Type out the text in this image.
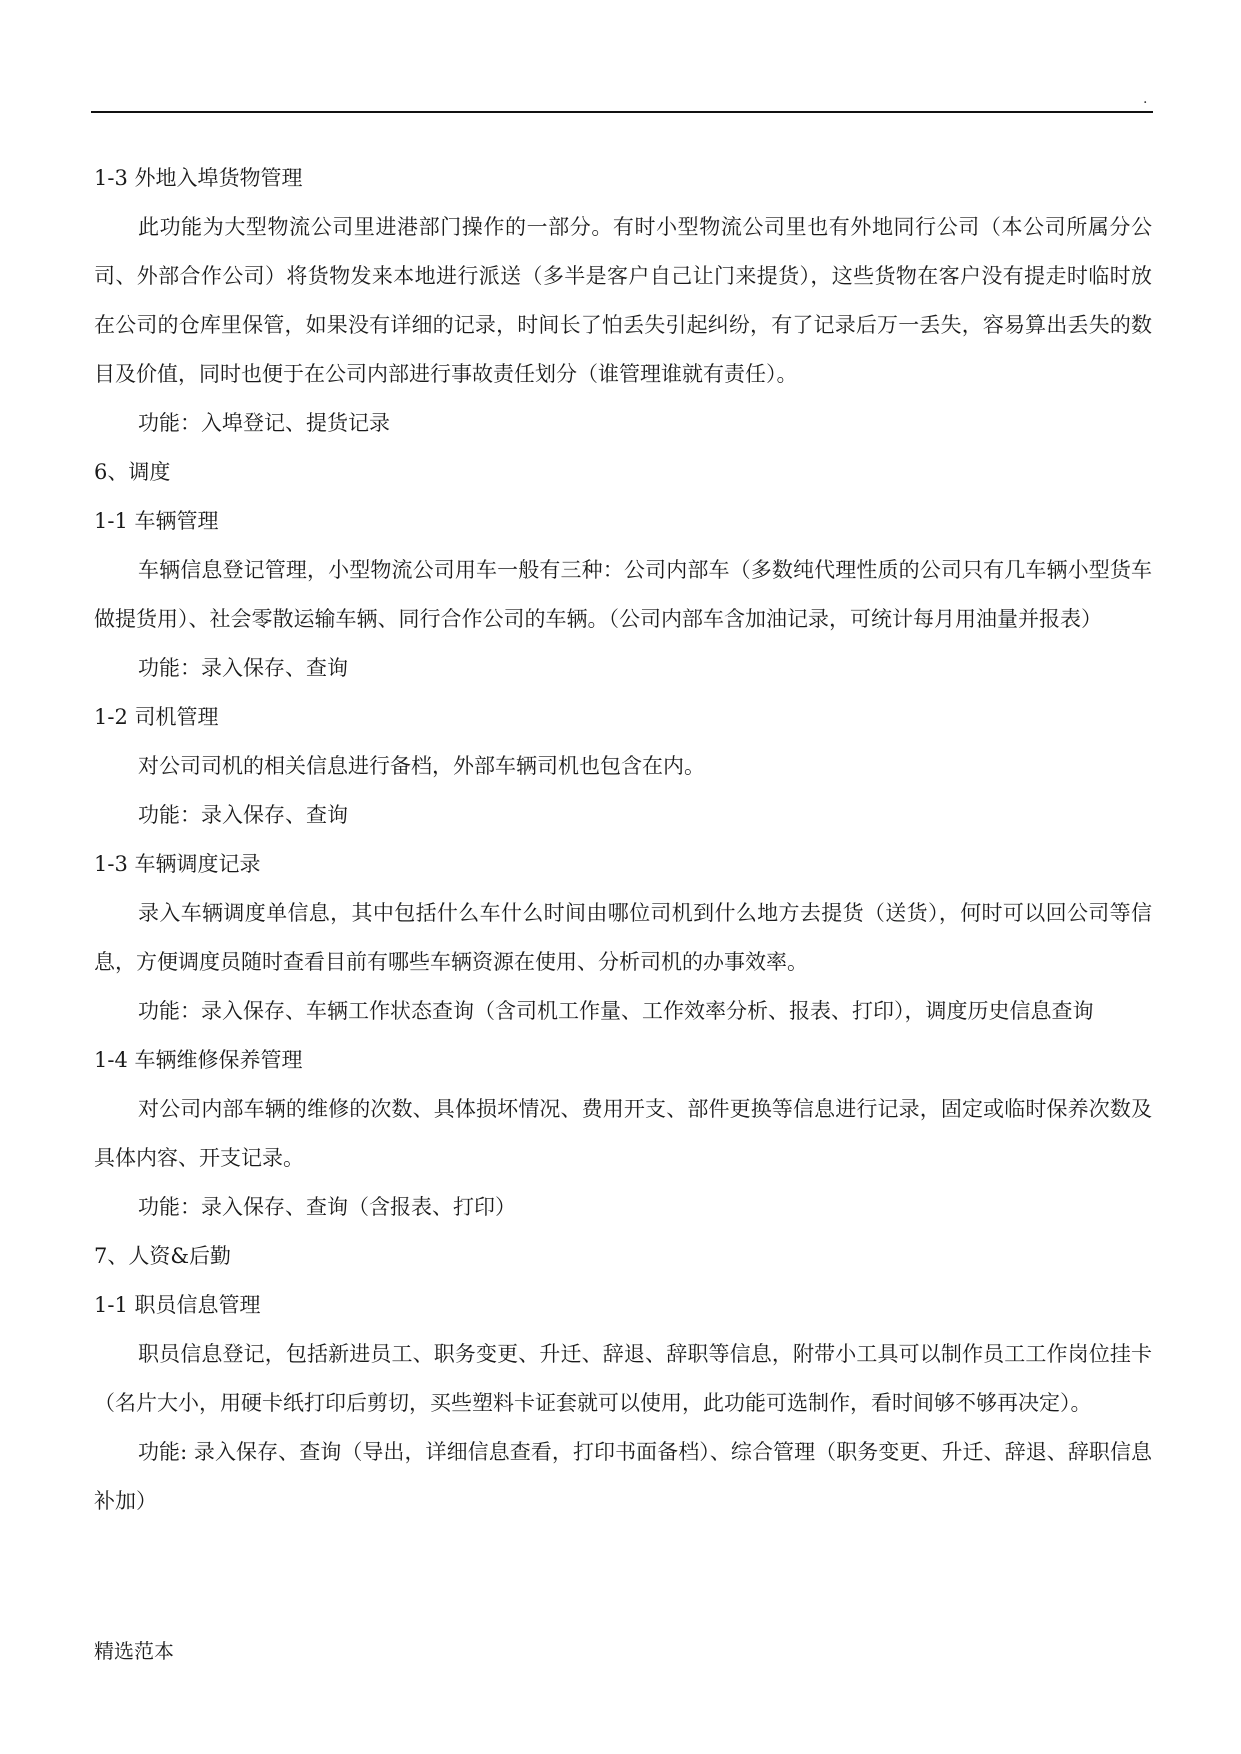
.

1-3 外地入埠货物管理

此功能为大型物流公司里进港部门操作的一部分。有时小型物流公司里也有外地同行公司（本公司所属分公司、外部合作公司）将货物发来本地进行派送（多半是客户自己让门来提货），这些货物在客户没有提走时临时放在公司的仓库里保管，如果没有详细的记录，时间长了怕丢失引起纠纷，有了记录后万一丢失，容易算出丢失的数目及价值，同时也便于在公司内部进行事故责任划分（谁管理谁就有责任）。

功能：入埠登记、提货记录

6、调度

1-1 车辆管理

车辆信息登记管理，小型物流公司用车一般有三种：公司内部车（多数纯代理性质的公司只有几车辆小型货车做提货用）、社会零散运输车辆、同行合作公司的车辆。（公司内部车含加油记录，可统计每月用油量并报表）

功能：录入保存、查询

1-2 司机管理

对公司司机的相关信息进行备档，外部车辆司机也包含在内。

功能：录入保存、查询

1-3 车辆调度记录

录入车辆调度单信息，其中包括什么车什么时间由哪位司机到什么地方去提货（送货），何时可以回公司等信息，方便调度员随时查看目前有哪些车辆资源在使用、分析司机的办事效率。

功能：录入保存、车辆工作状态查询（含司机工作量、工作效率分析、报表、打印），调度历史信息查询

1-4 车辆维修保养管理

对公司内部车辆的维修的次数、具体损坏情况、费用开支、部件更换等信息进行记录，固定或临时保养次数及具体内容、开支记录。

功能：录入保存、查询（含报表、打印）

7、人资&后勤

1-1 职员信息管理

职员信息登记，包括新进员工、职务变更、升迁、辞退、辞职等信息，附带小工具可以制作员工工作岗位挂卡（名片大小，用硬卡纸打印后剪切，买些塑料卡证套就可以使用，此功能可选制作，看时间够不够再决定）。

功能: 录入保存、查询（导出，详细信息查看，打印书面备档）、综合管理（职务变更、升迁、辞退、辞职信息补加）

精选范本
